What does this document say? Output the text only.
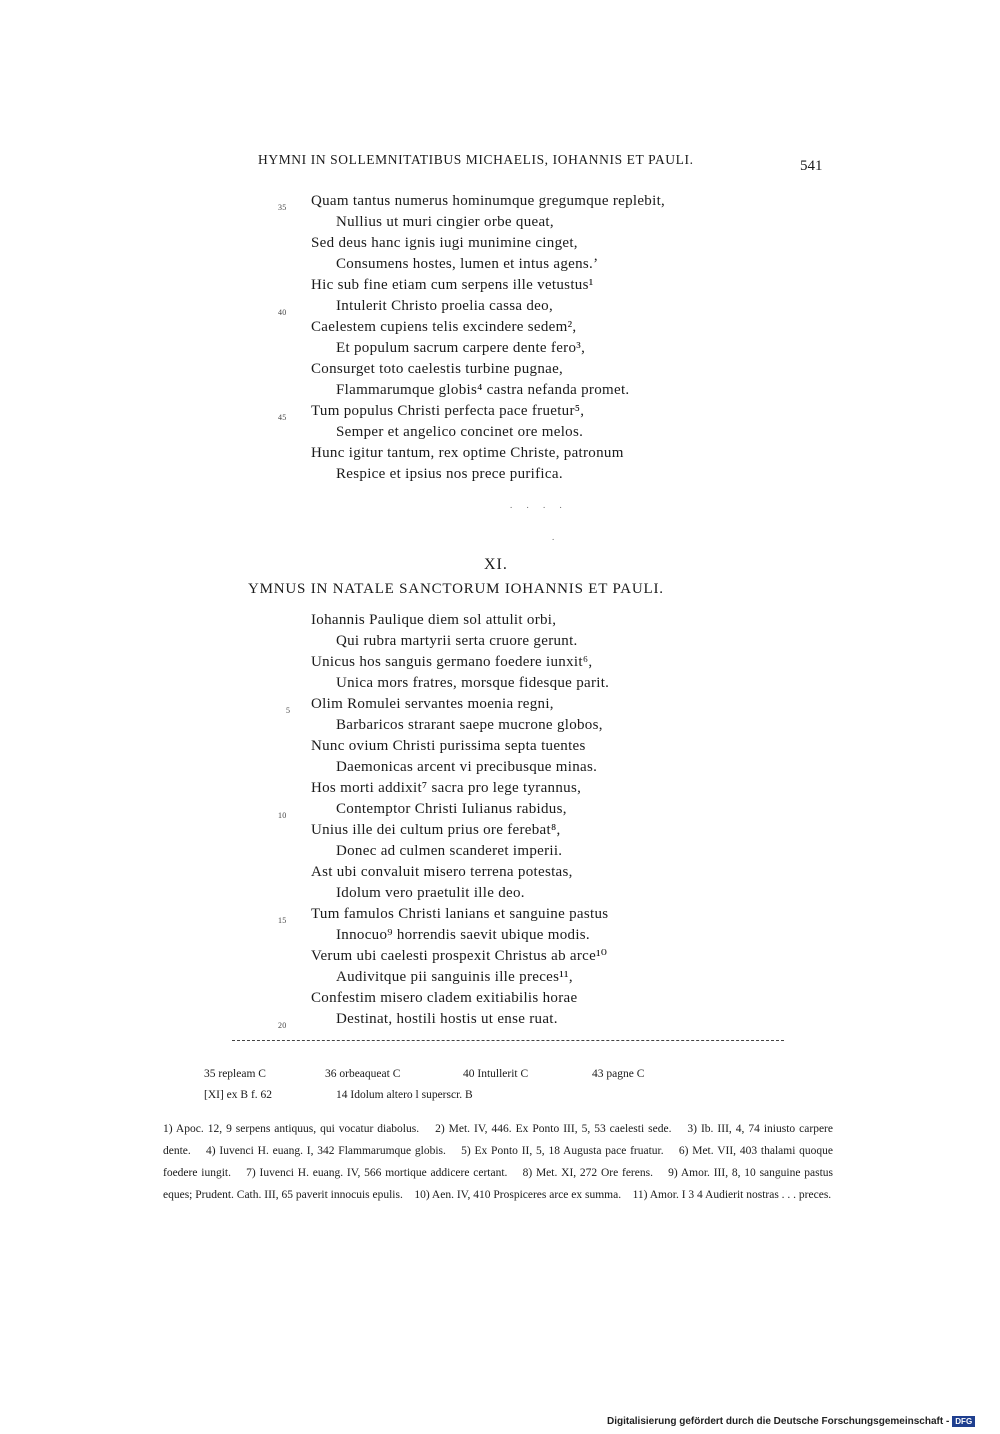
HYMNI IN SOLLEMNITATIBUS MICHAELIS, IOHANNIS ET PAULI.	541
35
40
45
Quam tantus numerus hominumque gregumque replebit,
Nullius ut muri cingier orbe queat,
Sed deus hanc ignis iugi munimine cinget,
Consumens hostes, lumen et intus agens.’
Hic sub fine etiam cum serpens ille vetustus¹
Intulerit Christo proelia cassa deo,
Caelestem cupiens telis excindere sedem²,
Et populum sacrum carpere dente fero³,
Consurget toto caelestis turbine pugnae,
Flammarumque globis⁴ castra nefanda promet.
Tum populus Christi perfecta pace fruetur⁵,
Semper et angelico concinet ore melos.
Hunc igitur tantum, rex optime Christe, patronum
Respice et ipsius nos prece purifica.
. . . .
.
XI.
YMNUS IN NATALE SANCTORUM IOHANNIS ET PAULI.
5
10
15
20
Iohannis Paulique diem sol attulit orbi,
Qui rubra martyrii serta cruore gerunt.
Unicus hos sanguis germano foedere iunxit⁶,
Unica mors fratres, morsque fidesque parit.
Olim Romulei servantes moenia regni,
Barbaricos strarant saepe mucrone globos,
Nunc ovium Christi purissima septa tuentes
Daemonicas arcent vi precibusque minas.
Hos morti addixit⁷ sacra pro lege tyrannus,
Contemptor Christi Iulianus rabidus,
Unius ille dei cultum prius ore ferebat⁸,
Donec ad culmen scanderet imperii.
Ast ubi convaluit misero terrena potestas,
Idolum vero praetulit ille deo.
Tum famulos Christi lanians et sanguine pastus
Innocuo⁹ horrendis saevit ubique modis.
Verum ubi caelesti prospexit Christus ab arce¹⁰
Audivitque pii sanguinis ille preces¹¹,
Confestim misero cladem exitiabilis horae
Destinat, hostili hostis ut ense ruat.
35 repleam C	36 orbeaqueat C	40 Intullerit C	43 pagne C
[XI] ex B f. 62	14 Idolum altero l superscr. B
1) Apoc. 12, 9 serpens antiquus, qui vocatur diabolus. 2) Met. IV, 446. Ex Ponto III, 5, 53 caelesti sede. 3) Ib. III, 4, 74 iniusto carpere dente. 4) Iuvenci H. euang. I, 342 Flammarumque globis. 5) Ex Ponto II, 5, 18 Augusta pace fruatur. 6) Met. VII, 403 thalami quoque foedere iungit. 7) Iuvenci H. euang. IV, 566 mortique addicere certant. 8) Met. XI, 272 Ore ferens. 9) Amor. III, 8, 10 sanguine pastus eques; Prudent. Cath. III, 65 paverit innocuis epulis. 10) Aen. IV, 410 Prospiceres arce ex summa. 11) Amor. I 3 4 Audierit nostras . . . preces.
Digitalisierung gefördert durch die Deutsche Forschungsgemeinschaft - DFG
